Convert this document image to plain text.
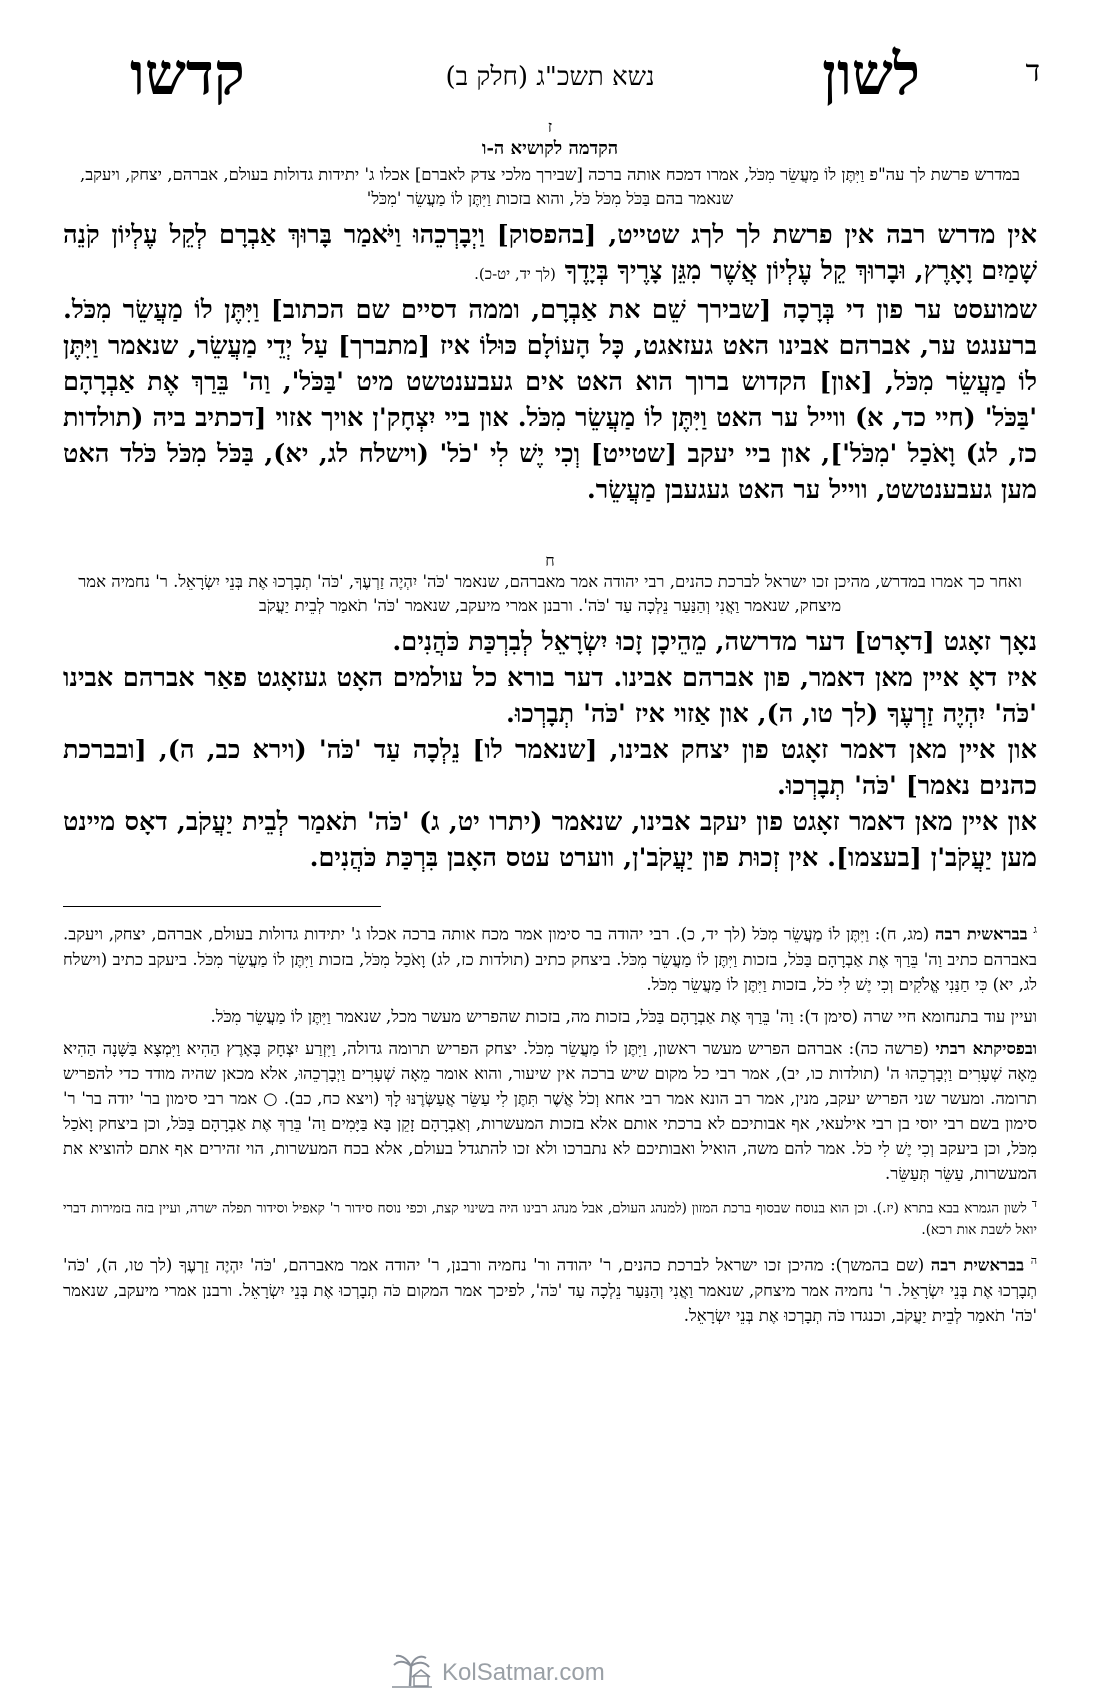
ד
לשון
נשא תשכ"ג (חלק ב)
קדשו

ז

הקדמה לקושיא ה-ו

במדרש פרשת לך עה"פ וַיִּתֶּן לוֹ מַעֲשֵׂר מִכֹּל, אמרו דמכח אותה ברכה [שבירך מלכי צדק לאברם] אכלו ג' יתידות גדולות בעולם, אברהם, יצחק, ויעקב, שנאמר בהם בַּכֹּל מִכֹּל כֹּל, והוא בזכות וַיִּתֶּן לוֹ מַעֲשֵׂר 'מִכֹּל'

אין מדרש רבה אין פרשת לך לךג שטייט, [בהפסוק] וַיְבָרְכֵהוּ וַיֹּאמַר בָּרוּךְ אַבְרָם לְקֵל עֶלְיוֹן קֹנֵה שָׁמַיִם וָאָרֶץ, וּבָרוּךְ קֵל עֶלְיוֹן אֲשֶׁר מִגֵּן צָרֶיךָ בְּיָדֶךָ (לך יד, יט-כ).

שמועסט ער פון די בְּרָכָה [שבירך שֵׁם את אַבְרָם, וממה דסיים שם הכתוב] וַיִּתֶּן לוֹ מַעֲשֵׂר מִכֹּל. ברענגט ער, אברהם אבינו האט געזאגט, כָּל הָעוֹלָם כּוּלוֹ איז [מתברך] עַל יְדֵי מַעֲשֵׂר, שנאמר וַיִּתֶּן לוֹ מַעֲשֵׂר מִכֹּל, [און] הקדוש ברוך הוא האט אים געבענטשט מיט 'בַּכֹּל', וַה' בֵּרַךְ אֶת אַבְרָהָם 'בַּכֹּל' (חיי כד, א) ווייל ער האט וַיִּתֶּן לוֹ מַעֲשֵׂר מִכֹּל. און ביי יִצְחָק'ן אויך אזוי [דכתיב ביה (תולדות כז, לג) וָאֹכַל 'מִכֹּל'], און ביי יעקב [שטייט] וְכִי יֶשׁ לִי 'כֹל' (וישלח לג, יא), בַּכֹּל מִכֹּל כֹּלד האט מען געבענטשט, ווייל ער האט געגעבן מַעֲשֵׂר.

ח

ואחר כך אמרו במדרש, מהיכן זכו ישראל לברכת כהנים, רבי יהודה אמר מאברהם, שנאמר 'כֹּה' יִהְיֶה זַרְעֶךָ, 'כֹּה' תְבָרְכוּ אֶת בְּנֵי יִשְׂרָאֵל. ר' נחמיה אמר מיצחק, שנאמר וַאֲנִי וְהַנַּעַר נֵלְכָה עַד 'כֹּה'. ורבנן אמרי מיעקב, שנאמר 'כֹּה' תֹאמַר לְבֵית יַעֲקֹב

נאָך זאָגט [דאָרט] דער מדרשה, מֵהֵיכָן זָכוּ יִשְׂרָאֵל לְבִרְכַּת כֹּהֲנִים.

איז דאָ איין מאן דאמר, פון אברהם אבינו. דער בורא כל עולמים האָט געזאָגט פאַר אברהם אבינו 'כֹּה' יִהְיֶה זַרְעֶךָ (לך טו, ה), און אַזוי איז 'כֹּה' תְבָרְכוּ.

און איין מאן דאמר זאָגט פון יצחק אבינו, [שנאמר לו] נֵלְכָה עַד 'כֹּה' (וירא כב, ה), [ובברכת כהנים נאמר] 'כֹּה' תְבָרְכוּ.

און איין מאן דאמר זאָגט פון יעקב אבינו, שנאמר (יתרו יט, ג) 'כֹּה' תֹאמַר לְבֵית יַעֲקֹב, דאָס מיינט מען יַעֲקֹב'ן [בעצמו]. אין זְכוּת פון יַעֲקֹב'ן, ווערט עטס האָבן בִּרְכַּת כֹּהֲנִים.

$^ג$ בבראשית רבה (מג, ח): וַיִּתֶּן לוֹ מַעֲשֵׂר מִכֹּל (לך יד, כ). רבי יהודה בר סימון אמר מכח אותה ברכה אכלו ג' יתידות גדולות בעולם, אברהם, יצחק, ויעקב. באברהם כתיב וַה' בֵּרַךְ אֶת אַבְרָהָם בַּכֹּל, בזכות וַיִּתֶּן לוֹ מַעֲשֵׂר מִכֹּל. ביצחק כתיב (תולדות כז, לג) וָאֹכַל מִכֹּל, בזכות וַיִּתֶּן לוֹ מַעֲשֵׂר מִכֹּל. ביעקב כתיב (וישלח לג, יא) כִּי חַנַּנִי אֱלֹקִים וְכִי יֶשׁ לִי כֹל, בזכות וַיִּתֶּן לוֹ מַעֲשֵׂר מִכֹּל.

ועיין עוד בתנחומא חיי שרה (סימן ד): וַה' בֵּרַךְ אֶת אַבְרָהָם בַּכֹּל, בזכות מה, בזכות שהפריש מעשר מכל, שנאמר וַיִּתֶּן לוֹ מַעֲשֵׂר מִכֹּל.

ובפסיקתא רבתי (פרשה כה): אברהם הפריש מעשר ראשון, וַיִּתֶּן לוֹ מַעֲשֵׂר מִכֹּל. יצחק הפריש תרומה גדולה, וַיִּזְרַע יִצְחָק בָּאָרֶץ הַהִיא וַיִּמְצָא בַּשָּׁנָה הַהִיא מֵאָה שְׁעָרִים וַיְבָרְכֵהוּ ה' (תולדות כו, יב), אמר רבי כל מקום שיש ברכה אין שיעור, והוא אומר מֵאָה שְׁעָרִים וַיְבָרְכֵהוּ, אלא מכאן שהיה מודד כדי להפריש תרומה. ומעשר שני הפריש יעקב, מנין, אמר רב הונא אמר רבי אחא וְכֹל אֲשֶׁר תִּתֶּן לִי עַשֵּׂר אֲעַשְּׂרֶנּוּ לָךְ (ויצא כח, כב). ○ אמר רבי סימון בר' יודה בר' ר' סימון בשם רבי יוסי בן רבי אילעאי, אף אבותיכם לא ברכתי אותם אלא בזכות המעשרות, וְאַבְרָהָם זָקֵן בָּא בַּיָּמִים וַה' בֵּרַךְ אֶת אַבְרָהָם בַּכֹּל, וכן ביצחק וָאֹכַל מִכֹּל, וכן ביעקב וְכִי יֶשׁ לִי כֹל. אמר להם משה, הואיל ואבותיכם לא נתברכו ולא זכו להתגדל בעולם, אלא בכח המעשרות, הוי זהירים אף אתם להוציא את המעשרות, עַשֵּׂר תְּעַשֵּׂר.

$^ד$ לשון הגמרא בבא בתרא (יז.). וכן הוא בנוסח שבסוף ברכת המזון (למנהג העולם, אבל מנהג רבינו היה בשינוי קצת, וכפי נוסח סידור ר' קאפיל וסידור תפלה ישרה, ועיין בזה בזמירות דברי יואל לשבת אות רכא).

$^ה$ בבראשית רבה (שם בהמשך): מהיכן זכו ישראל לברכת כהנים, ר' יהודה ור' נחמיה ורבנן, ר' יהודה אמר מאברהם, 'כֹּה' יִהְיֶה זַרְעֶךָ (לך טו, ה), 'כֹּה' תְבָרְכוּ אֶת בְּנֵי יִשְׂרָאֵל. ר' נחמיה אמר מיצחק, שנאמר וַאֲנִי וְהַנַּעַר נֵלְכָה עַד 'כֹּה', לפיכך אמר המקום כֹּה תְבָרְכוּ אֶת בְּנֵי יִשְׂרָאֵל. ורבנן אמרי מיעקב, שנאמר 'כֹּה' תֹאמַר לְבֵית יַעֲקֹב, וכנגדו כֹּה תְבָרְכוּ אֶת בְּנֵי יִשְׂרָאֵל.

KolSatmar.com
